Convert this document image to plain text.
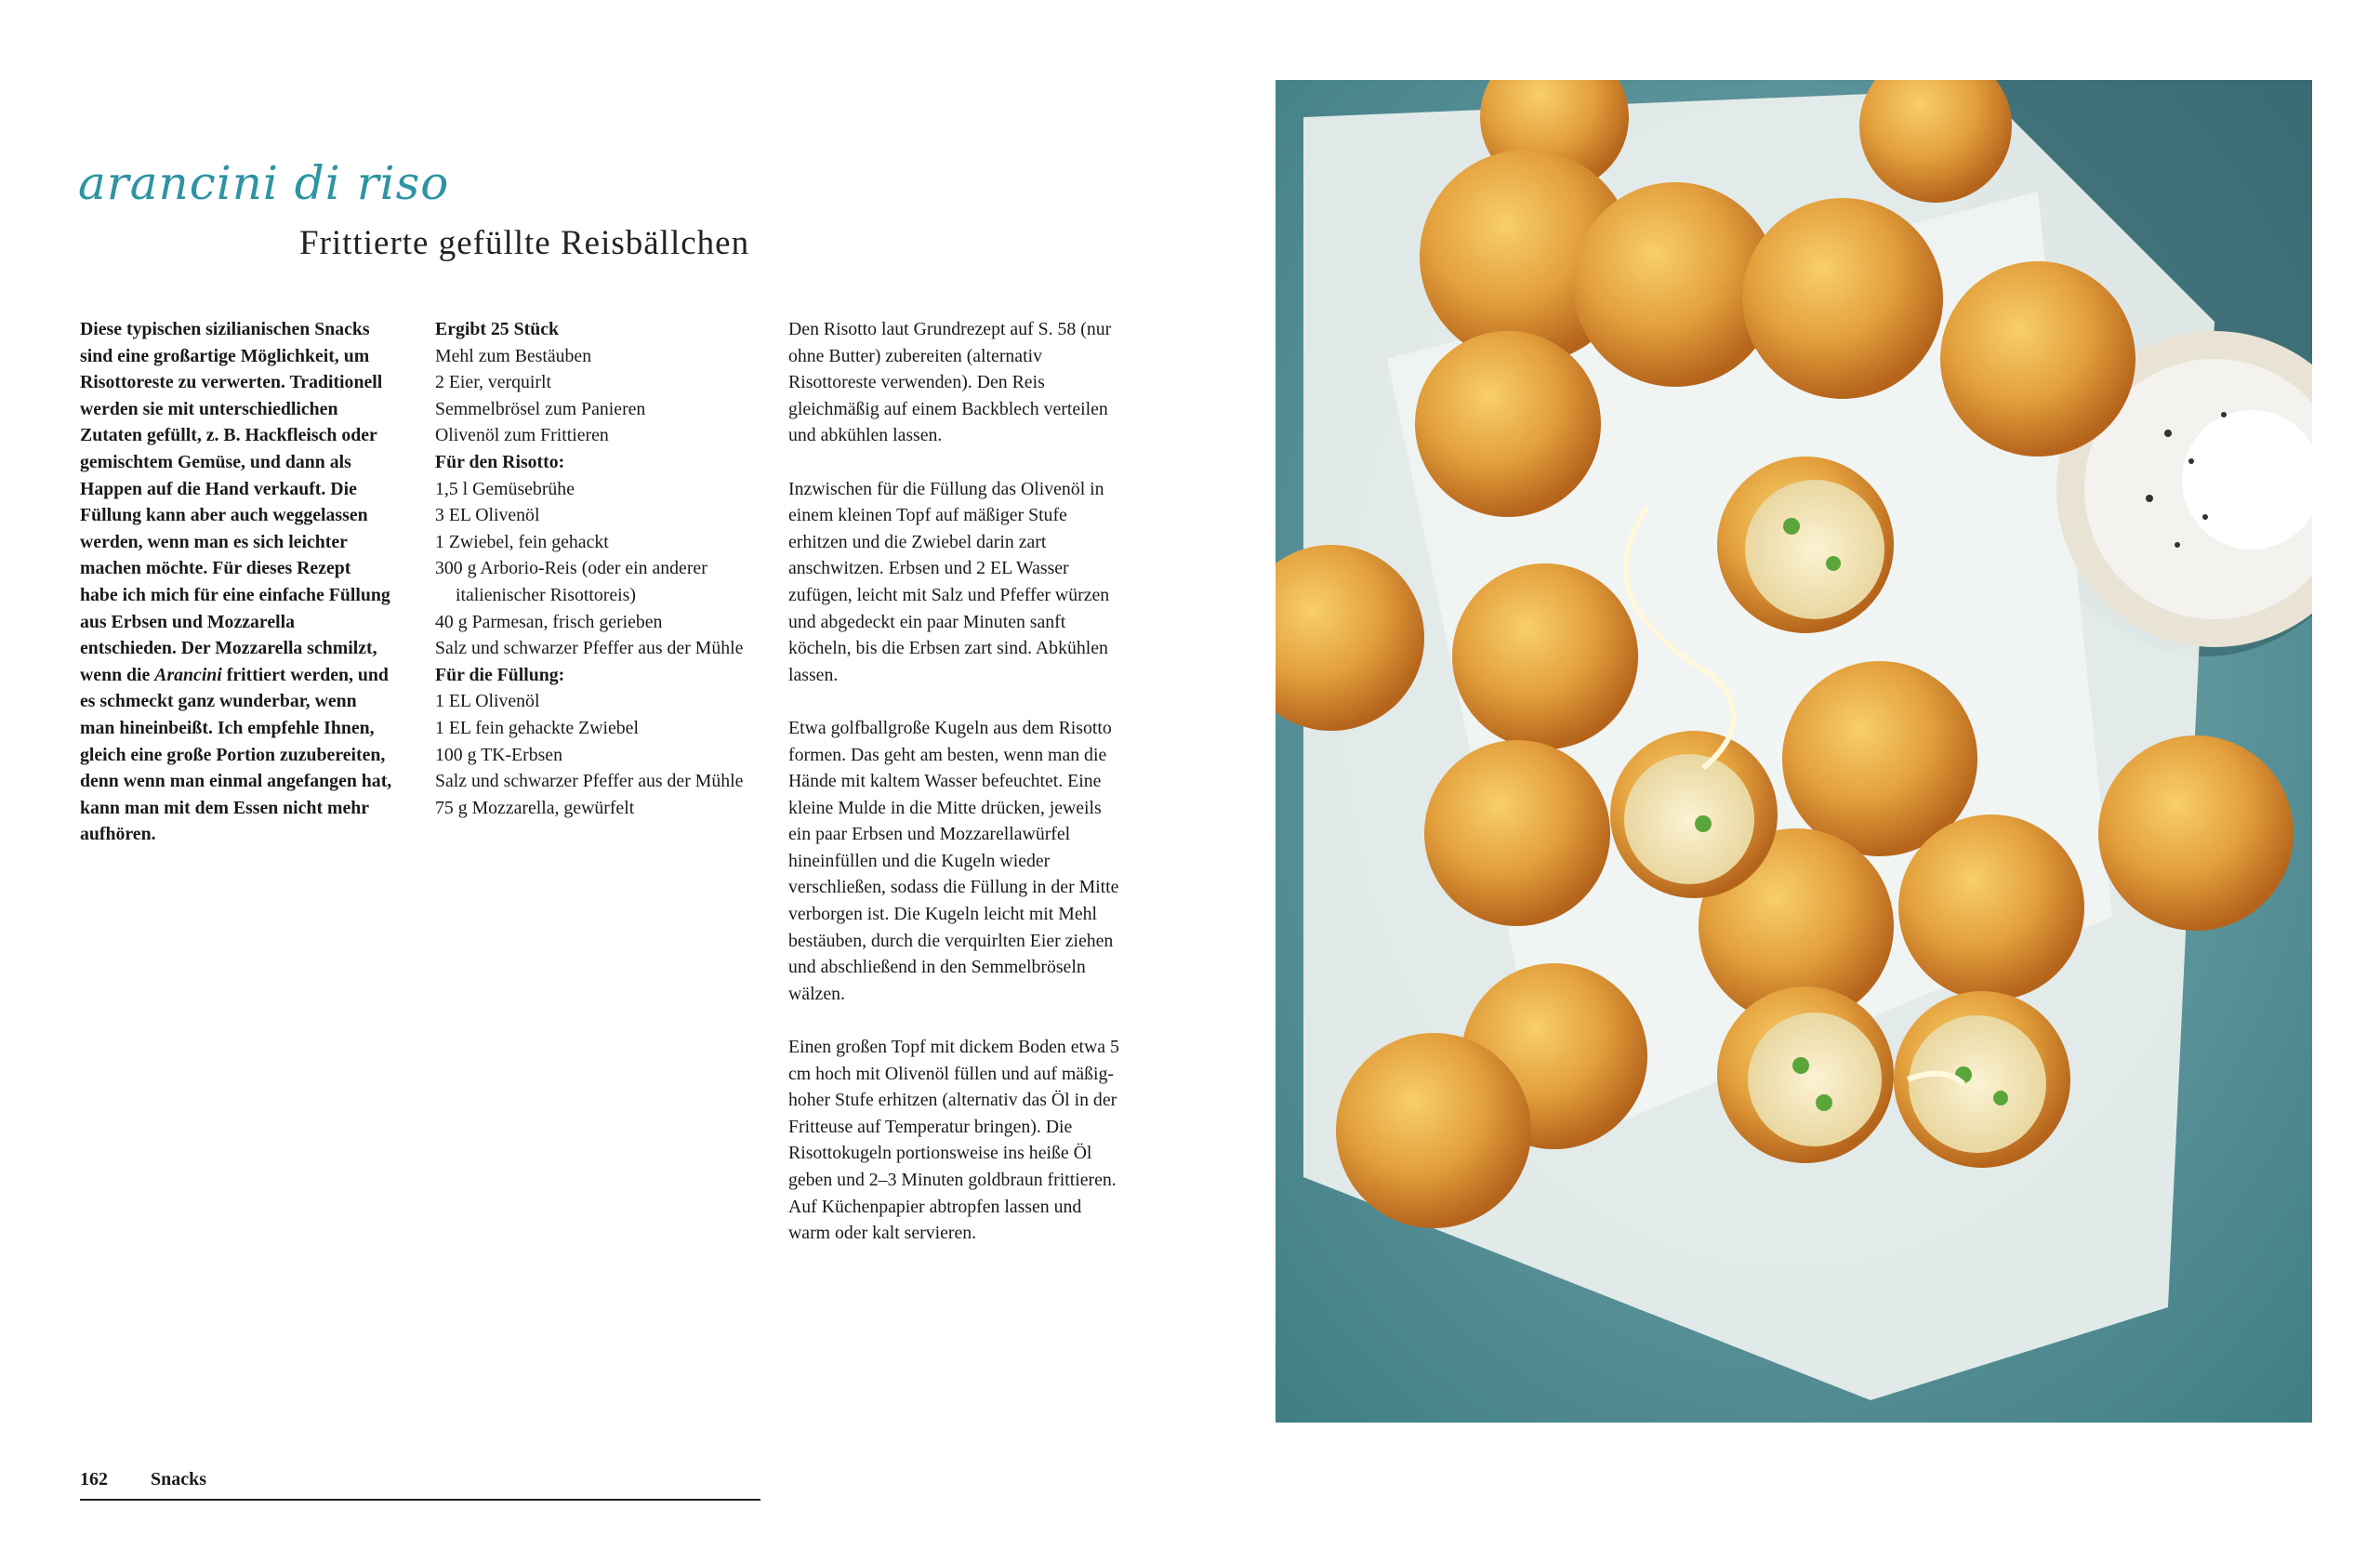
arancini di riso
Frittierte gefüllte Reisbällchen

Diese typischen sizilianischen Snacks sind eine großartige Möglichkeit, um Risottoreste zu verwerten. Traditionell werden sie mit unterschiedlichen Zutaten gefüllt, z. B. Hackfleisch oder gemischtem Gemüse, und dann als Happen auf die Hand verkauft. Die Füllung kann aber auch weggelassen werden, wenn man es sich leichter machen möchte. Für dieses Rezept habe ich mich für eine einfache Füllung aus Erbsen und Mozzarella entschieden. Der Mozzarella schmilzt, wenn die Arancini frittiert werden, und es schmeckt ganz wunderbar, wenn man hineinbeißt. Ich empfehle Ihnen, gleich eine große Portion zuzubereiten, denn wenn man einmal angefangen hat, kann man mit dem Essen nicht mehr aufhören.

Ergibt 25 Stück

Mehl zum Bestäuben

2 Eier, verquirlt

Semmelbrösel zum Panieren

Olivenöl zum Frittieren

Für den Risotto:

1,5 l Gemüsebrühe

3 EL Olivenöl

1 Zwiebel, fein gehackt

300 g Arborio-Reis (oder ein anderer italienischer Risottoreis)

40 g Parmesan, frisch gerieben

Salz und schwarzer Pfeffer aus der Mühle

Für die Füllung:

1 EL Olivenöl

1 EL fein gehackte Zwiebel

100 g TK-Erbsen

Salz und schwarzer Pfeffer aus der Mühle

75 g Mozzarella, gewürfelt

Den Risotto laut Grundrezept auf S. 58 (nur ohne Butter) zubereiten (alternativ Risottoreste verwenden). Den Reis gleichmäßig auf einem Backblech verteilen und abkühlen lassen.

Inzwischen für die Füllung das Olivenöl in einem kleinen Topf auf mäßiger Stufe erhitzen und die Zwiebel darin zart anschwitzen. Erbsen und 2 EL Wasser zufügen, leicht mit Salz und Pfeffer würzen und abgedeckt ein paar Minuten sanft köcheln, bis die Erbsen zart sind. Abkühlen lassen.

Etwa golfballgroße Kugeln aus dem Risotto formen. Das geht am besten, wenn man die Hände mit kaltem Wasser befeuchtet. Eine kleine Mulde in die Mitte drücken, jeweils ein paar Erbsen und Mozzarellawürfel hineinfüllen und die Kugeln wieder verschließen, sodass die Füllung in der Mitte verborgen ist. Die Kugeln leicht mit Mehl bestäuben, durch die verquirlten Eier ziehen und abschließend in den Semmelbröseln wälzen.

Einen großen Topf mit dickem Boden etwa 5 cm hoch mit Olivenöl füllen und auf mäßig-hoher Stufe erhitzen (alternativ das Öl in der Fritteuse auf Temperatur bringen). Die Risottokugeln portionsweise ins heiße Öl geben und 2–3 Minuten goldbraun frittieren. Auf Küchenpapier abtropfen lassen und warm oder kalt servieren.

162 Snacks
